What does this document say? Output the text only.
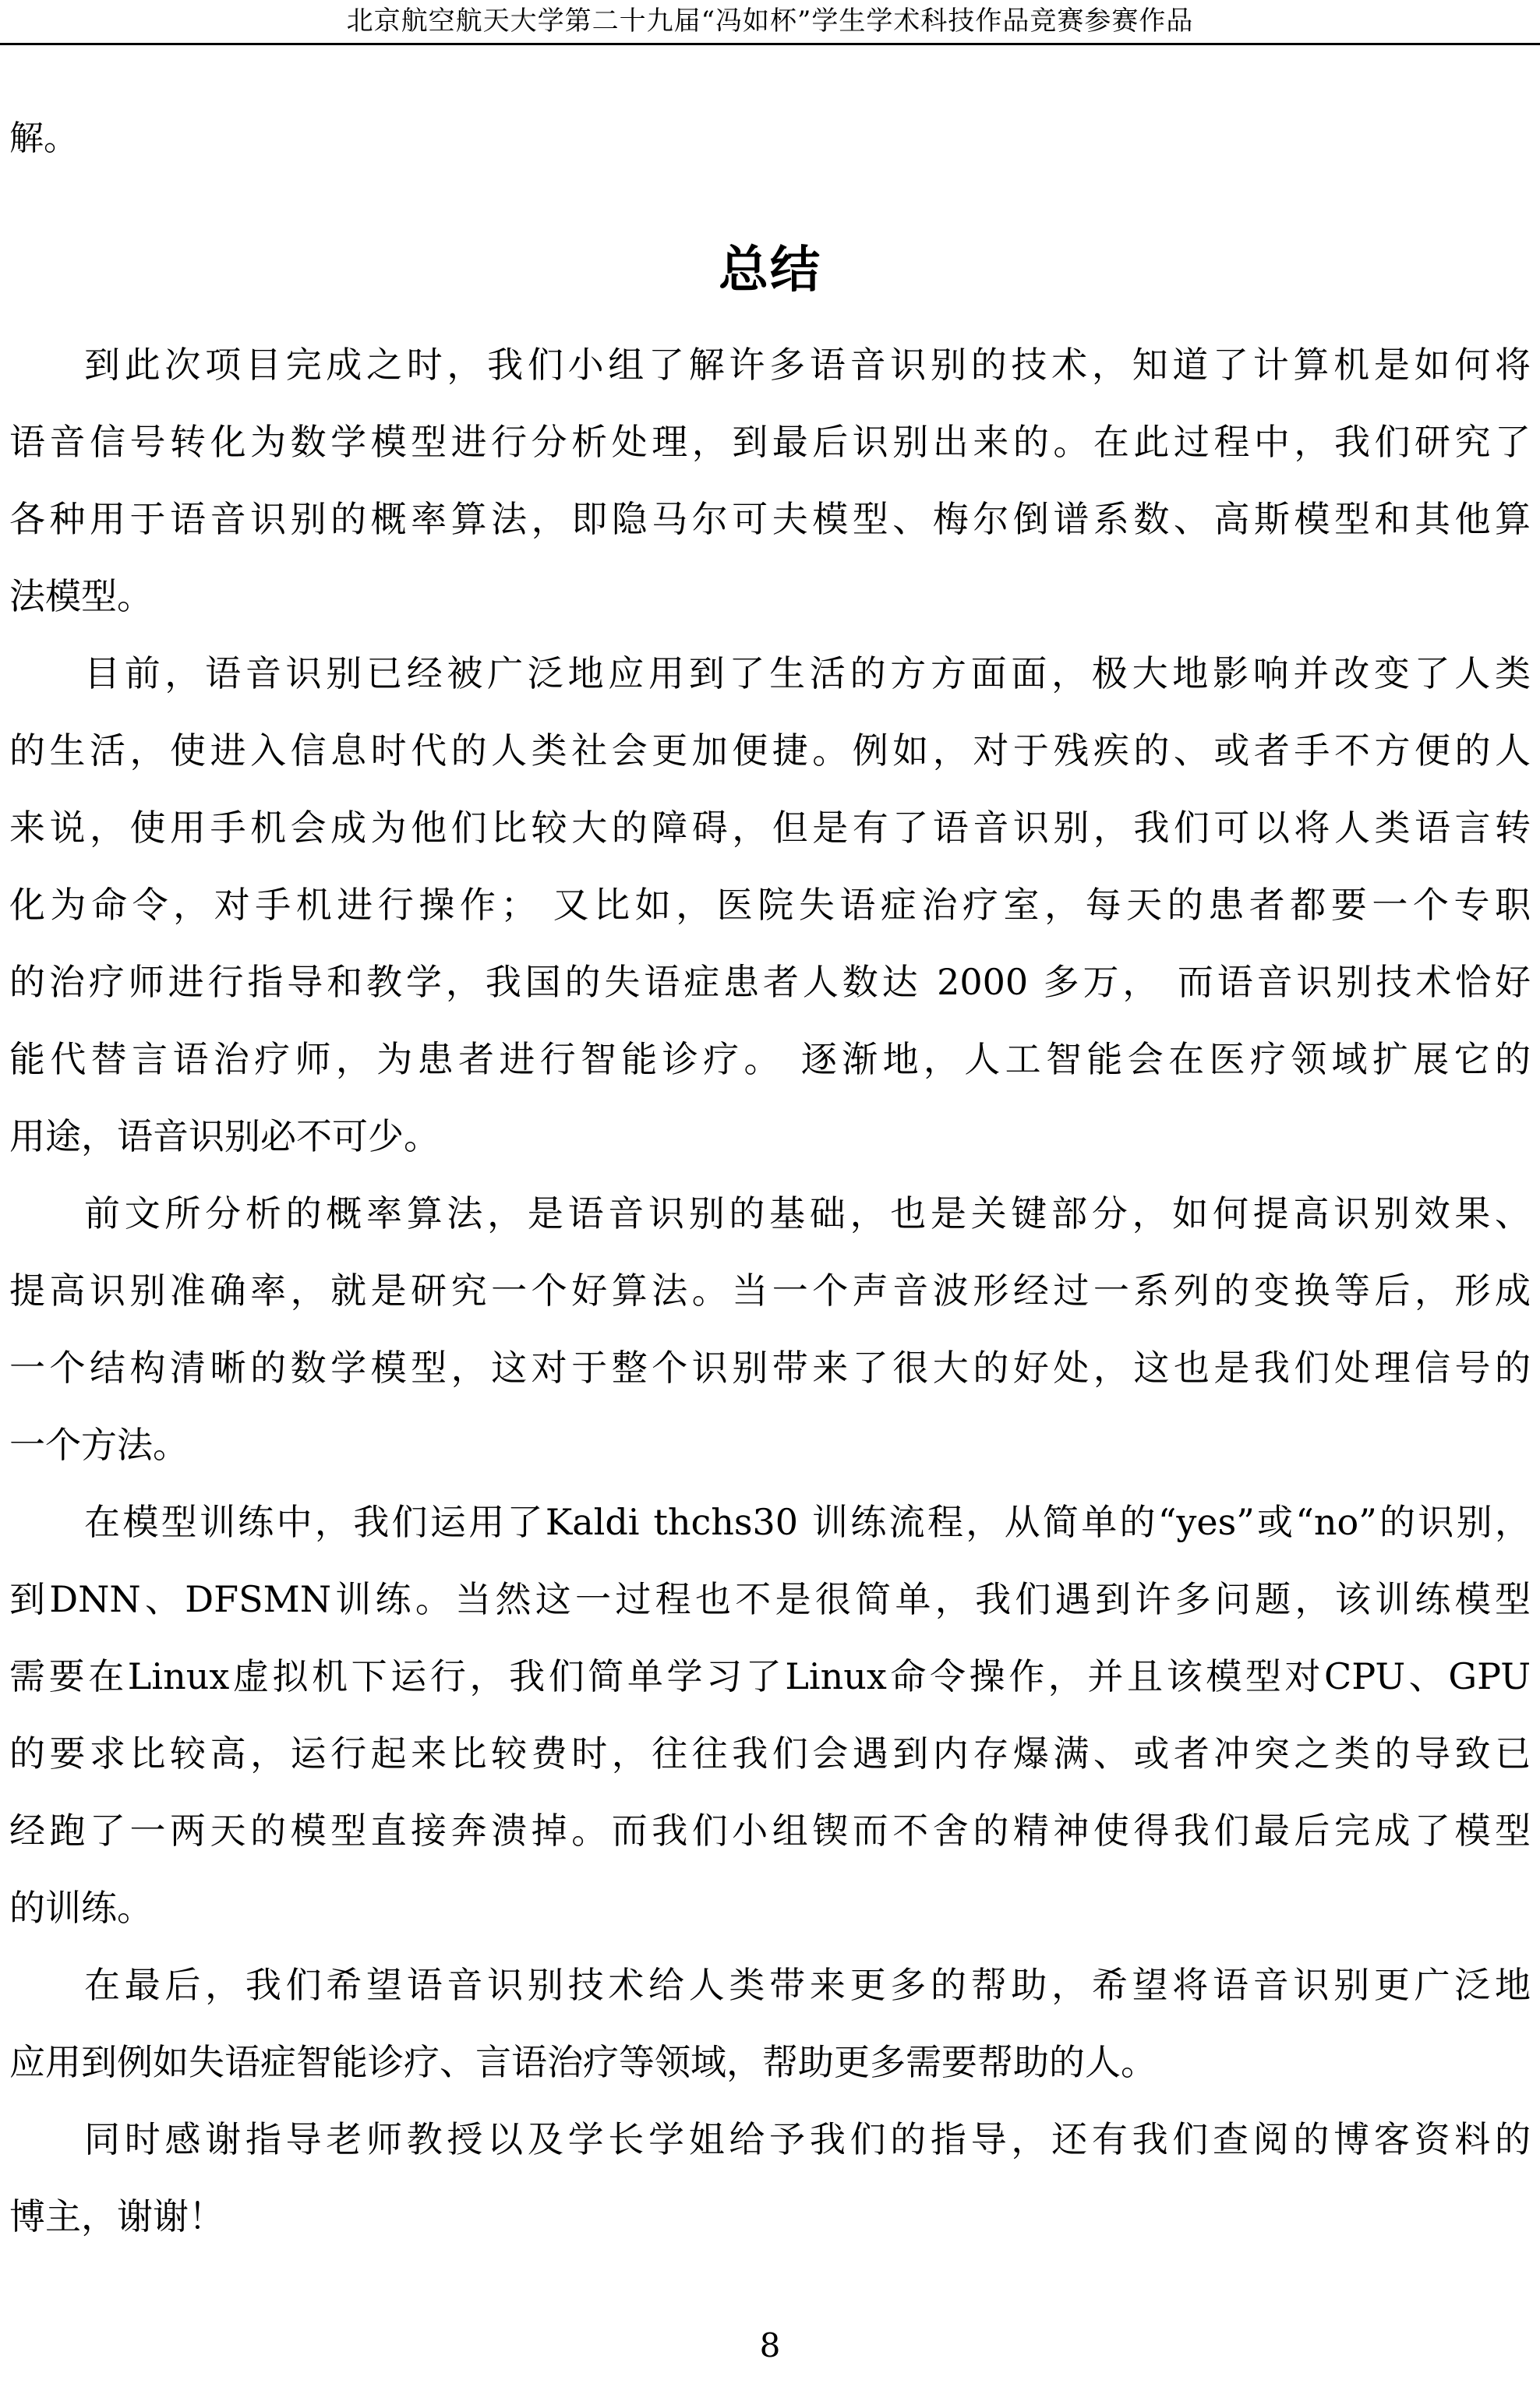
北京航空航天大学第二十九届“冯如杯”学生学术科技作品竞赛参赛作品

解。

总结
到此次项目完成之时，我们小组了解许多语音识别的技术，知道了计算机是如何将
语音信号转化为数学模型进行分析处理，到最后识别出来的。在此过程中，我们研究了
各种用于语音识别的概率算法，即隐马尔可夫模型、梅尔倒谱系数、高斯模型和其他算
法模型。
目前，语音识别已经被广泛地应用到了生活的方方面面，极大地影响并改变了人类
的生活，使进入信息时代的人类社会更加便捷。例如，对于残疾的、或者手不方便的人
来说，使用手机会成为他们比较大的障碍，但是有了语音识别，我们可以将人类语言转
化为命令，对手机进行操作； 又比如，医院失语症治疗室，每天的患者都要一个专职
的治疗师进行指导和教学，我国的失语症患者人数达 2000 多万， 而语音识别技术恰好
能代替言语治疗师，为患者进行智能诊疗。 逐渐地，人工智能会在医疗领域扩展它的
用途，语音识别必不可少。
前文所分析的概率算法，是语音识别的基础，也是关键部分，如何提高识别效果、
提高识别准确率，就是研究一个好算法。当一个声音波形经过一系列的变换等后，形成
一个结构清晰的数学模型，这对于整个识别带来了很大的好处，这也是我们处理信号的
一个方法。
在模型训练中，我们运用了Kaldi thchs30 训练流程，从简单的“yes”或“no”的识别，
到DNN、DFSMN训练。当然这一过程也不是很简单，我们遇到许多问题，该训练模型
需要在Linux虚拟机下运行，我们简单学习了Linux命令操作，并且该模型对CPU、GPU
的要求比较高，运行起来比较费时，往往我们会遇到内存爆满、或者冲突之类的导致已
经跑了一两天的模型直接奔溃掉。而我们小组锲而不舍的精神使得我们最后完成了模型
的训练。
在最后，我们希望语音识别技术给人类带来更多的帮助，希望将语音识别更广泛地
应用到例如失语症智能诊疗、言语治疗等领域，帮助更多需要帮助的人。
同时感谢指导老师教授以及学长学姐给予我们的指导，还有我们查阅的博客资料的
博主，谢谢！
8
